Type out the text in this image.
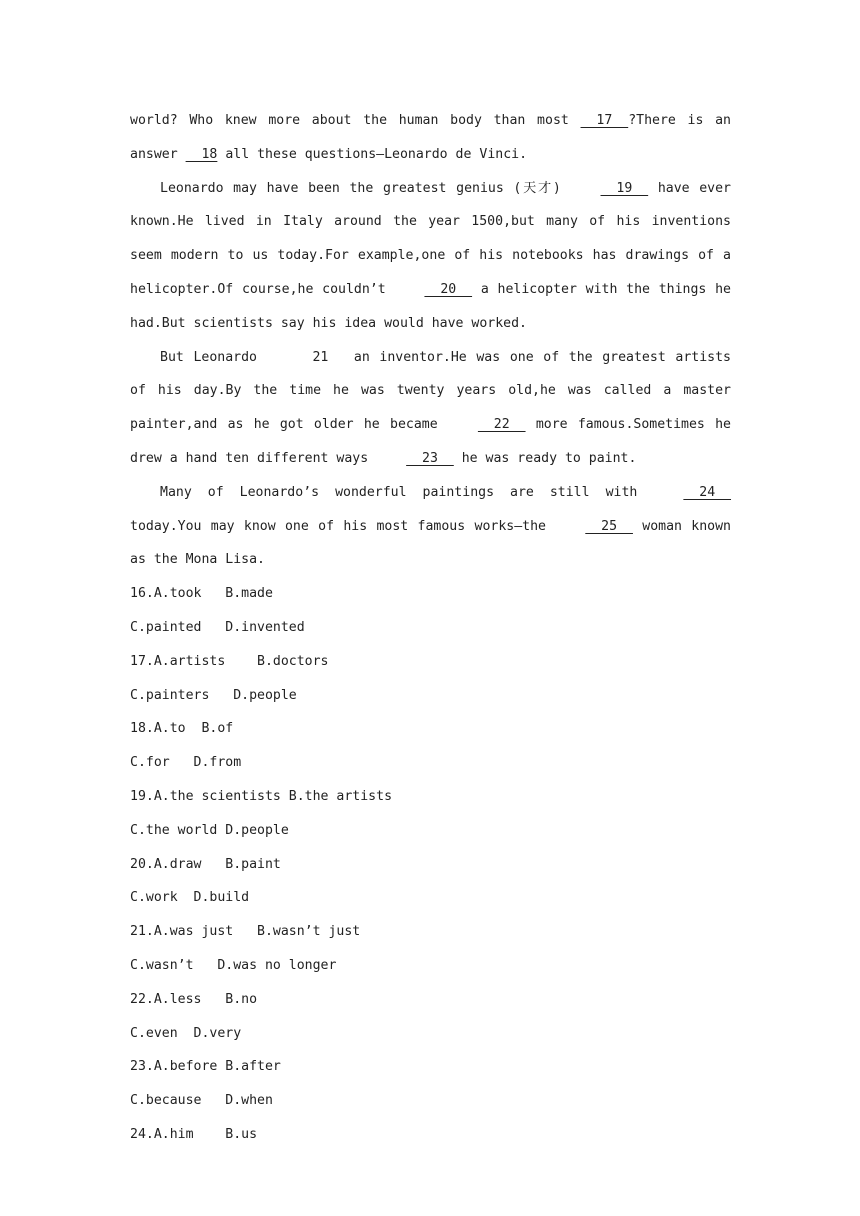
world? Who knew more about the human body than most   17  ?There is an answer   18 all these questions—Leonardo de Vinci.

Leonardo may have been the greatest genius (天才)	19   have ever known.He lived in Italy around the year 1500,but many of his inventions seem modern to us today.For example,one of his notebooks has drawings of a helicopter.Of course,he couldn’t	20   a helicopter with the things he had.But scientists say his idea would have worked.

But Leonardo	21   an inventor.He was one of the greatest artists of his day.By the time he was twenty years old,he was called a master painter,and as he got older he became	22   more famous.Sometimes he drew a hand ten different ways	23   he was ready to paint.

Many of Leonardo’s wonderful paintings are still with	24   today.You may know one of his most famous works—the	25   woman known as the Mona Lisa.

16.A.took   B.made
C.painted   D.invented
17.A.artists    B.doctors
C.painters   D.people
18.A.to  B.of
C.for   D.from
19.A.the scientists B.the artists
C.the world D.people
20.A.draw   B.paint
C.work  D.build
21.A.was just   B.wasn’t just
C.wasn’t   D.was no longer
22.A.less   B.no
C.even  D.very
23.A.before B.after
C.because   D.when
24.A.him    B.us
